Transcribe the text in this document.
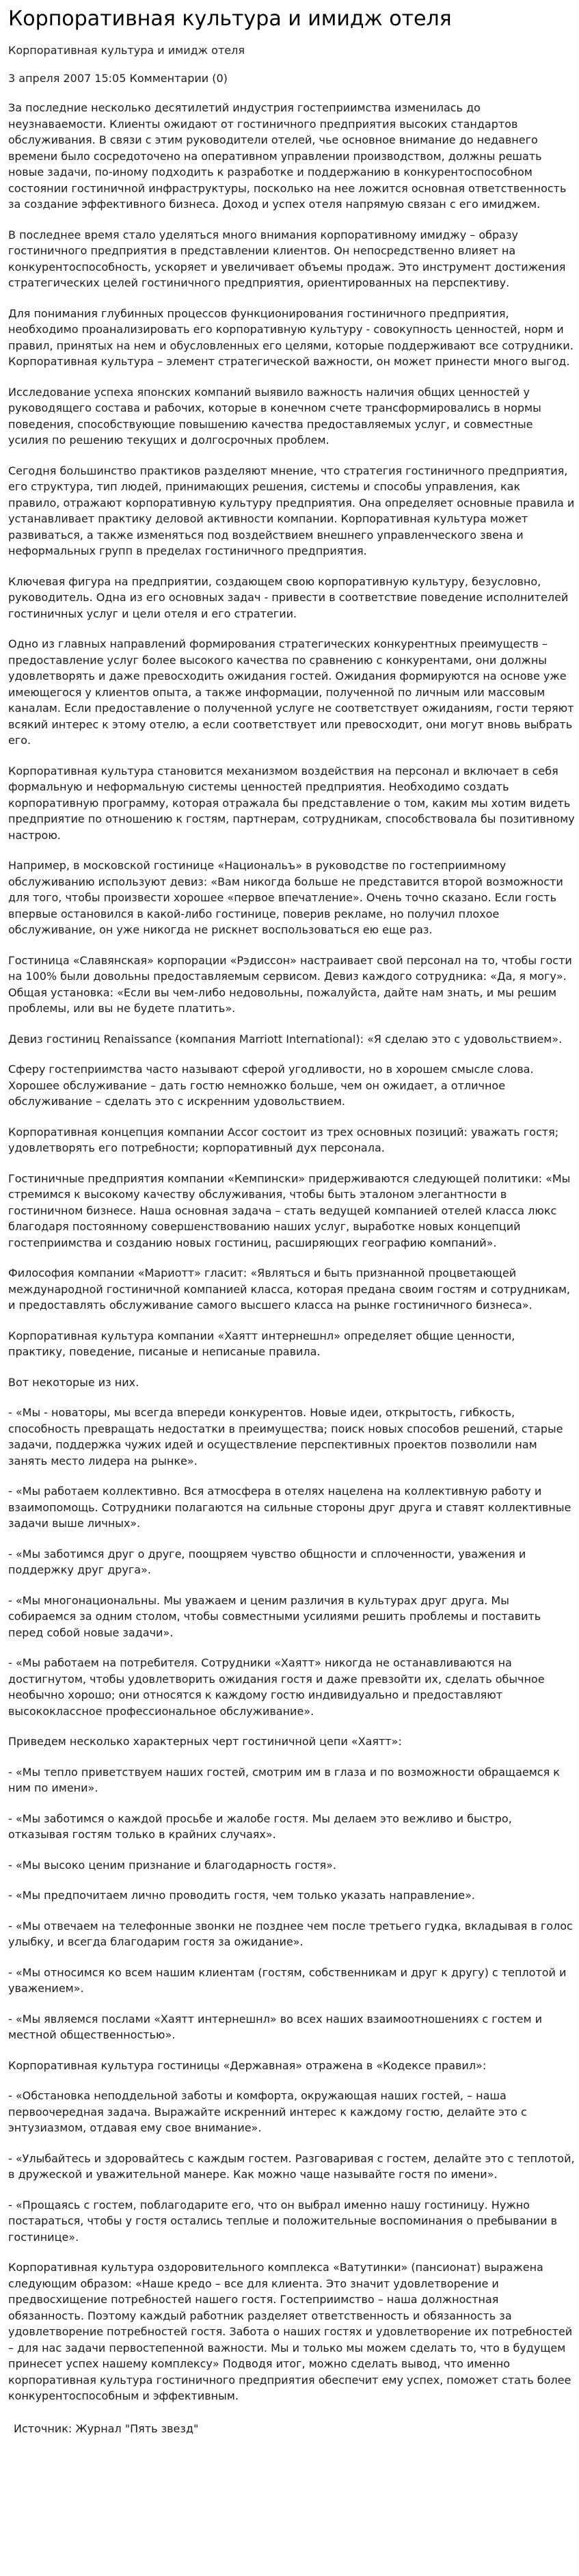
Корпоративная культура и имидж отеля
Корпоративная культура и имидж отеля
3 апреля 2007 15:05 Комментарии (0)
За последние несколько десятилетий индустрия гостеприимства изменилась до неузнаваемости. Клиенты ожидают от гостиничного предприятия высоких стандартов обслуживания. В связи с этим руководители отелей, чье основное внимание до недавнего времени было сосредоточено на оперативном управлении производством, должны решать новые задачи, по-иному подходить к разработке и поддержанию в конкурентоспособном состоянии гостиничной инфраструктуры, посколько на нее ложится основная ответственность за создание эффективного бизнеса. Доход и успех отеля напрямую связан с его имиджем.
В последнее время стало уделяться много внимания корпоративному имиджу – образу гостиничного предприятия в представлении клиентов. Он непосредственно влияет на конкурентоспособность, ускоряет и увеличивает объемы продаж. Это инструмент достижения стратегических целей гостиничного предприятия, ориентированных на перспективу.
Для понимания глубинных процессов функционирования гостиничного предприятия, необходимо проанализировать его корпоративную культуру - совокупность ценностей, норм и правил, принятых на нем и обусловленных его целями, которые поддерживают все сотрудники. Корпоративная культура – элемент стратегической важности, он может принести много выгод.
Исследование успеха японских компаний выявило важность наличия общих ценностей у руководящего состава и рабочих, которые в конечном счете трансформировались в нормы поведения, способствующие повышению качества предоставляемых услуг, и совместные усилия по решению текущих и долгосрочных проблем.
Сегодня большинство практиков разделяют мнение, что стратегия гостиничного предприятия, его структура, тип людей, принимающих решения, системы и способы управления, как правило, отражают корпоративную культуру предприятия. Она определяет основные правила и устанавливает практику деловой активности компании. Корпоративная культура может развиваться, а также изменяться под воздействием внешнего управленческого звена и неформальных групп в пределах гостиничного предприятия.
Ключевая фигура на предприятии, создающем свою корпоративную культуру, безусловно, руководитель. Одна из его основных задач - привести в соответствие поведение исполнителей гостиничных услуг и цели отеля и его стратегии.
Одно из главных направлений формирования стратегических конкурентных преимуществ – предоставление услуг более высокого качества по сравнению с конкурентами, они должны удовлетворять и даже превосходить ожидания гостей. Ожидания формируются на основе уже имеющегося у клиентов опыта, а также информации, полученной по личным или массовым каналам. Если предоставление о полученной услуге не соответствует ожиданиям, гости теряют всякий интерес к этому отелю, а если соответствует или превосходит, они могут вновь выбрать его.
Корпоративная культура становится механизмом воздействия на персонал и включает в себя формальную и неформальную системы ценностей предприятия. Необходимо создать корпоративную программу, которая отражала бы представление о том, каким мы хотим видеть предприятие по отношению к гостям, партнерам, сотрудникам, способствовала бы позитивному настрою.
Например, в московской гостинице «Национальъ» в руководстве по гостеприимному обслуживанию используют девиз: «Вам никогда больше не представится второй возможности для того, чтобы произвести хорошее «первое впечатление». Очень точно сказано. Если гость впервые остановился в какой-либо гостинице, поверив рекламе, но получил плохое обслуживание, он уже никогда не рискнет воспользоваться ею еще раз.
Гостиница «Славянская» корпорации «Рэдиссон» настраивает свой персонал на то, чтобы гости на 100% были довольны предоставляемым сервисом. Девиз каждого сотрудника: «Да, я могу». Общая установка: «Если вы чем-либо недовольны, пожалуйста, дайте нам знать, и мы решим проблемы, или вы не будете платить».
Девиз гостиниц Renaissance (компания Marriott International): «Я сделаю это с удовольствием».
Сферу гостеприимства часто называют сферой угодливости, но в хорошем смысле слова. Хорошее обслуживание – дать гостю немножко больше, чем он ожидает, а отличное обслуживание – сделать это с искренним удовольствием.
Корпоративная концепция компании Accor состоит из трех основных позиций: уважать гостя; удовлетворять его потребности; корпоративный дух персонала.
Гостиничные предприятия компании «Кемпински» придерживаются следующей политики: «Мы стремимся к высокому качеству обслуживания, чтобы быть эталоном элегантности в гостиничном бизнесе. Наша основная задача – стать ведущей компанией отелей класса люкс благодаря постоянному совершенствованию наших услуг, выработке новых концепций гостеприимства и созданию новых гостиниц, расширяющих географию компаний».
Философия компании «Мариотт» гласит: «Являться и быть признанной процветающей международной гостиничной компанией класса, которая предана своим гостям и сотрудникам, и предоставлять обслуживание самого высшего класса на рынке гостиничного бизнеса».
Корпоративная культура компании «Хаятт интернешнл» определяет общие ценности, практику, поведение, писаные и неписаные правила.
Вот некоторые из них.
- «Мы - новаторы, мы всегда впереди конкурентов. Новые идеи, открытость, гибкость, способность превращать недостатки в преимущества; поиск новых способов решений, старые задачи, поддержка чужих идей и осуществление перспективных проектов позволили нам занять место лидера на рынке».
- «Мы работаем коллективно. Вся атмосфера в отелях нацелена на коллективную работу и взаимопомощь. Сотрудники полагаются на сильные стороны друг друга и ставят коллективные задачи выше личных».
- «Мы заботимся друг о друге, поощряем чувство общности и сплоченности, уважения и поддержку друг друга».
- «Мы многонациональны. Мы уважаем и ценим различия в культурах друг друга. Мы собираемся за одним столом, чтобы совместными усилиями решить проблемы и поставить перед собой новые задачи».
- «Мы работаем на потребителя. Сотрудники «Хаятт» никогда не останавливаются на достигнутом, чтобы удовлетворить ожидания гостя и даже превзойти их, сделать обычное необычно хорошо; они относятся к каждому гостю индивидуально и предоставляют высококлассное профессиональное обслуживание».
Приведем несколько характерных черт гостиничной цепи «Хаятт»:
- «Мы тепло приветствуем наших гостей, смотрим им в глаза и по возможности обращаемся к ним по имени».
- «Мы заботимся о каждой просьбе и жалобе гостя. Мы делаем это вежливо и быстро, отказывая гостям только в крайних случаях».
- «Мы высоко ценим признание и благодарность гостя».
- «Мы предпочитаем лично проводить гостя, чем только указать направление».
- «Мы отвечаем на телефонные звонки не позднее чем после третьего гудка, вкладывая в голос улыбку, и всегда благодарим гостя за ожидание».
- «Мы относимся ко всем нашим клиентам (гостям, собственникам и друг к другу) с теплотой и уважением».
- «Мы являемся послами «Хаятт интернешнл» во всех наших взаимоотношениях с гостем и местной общественностью».
Корпоративная культура гостиницы «Державная» отражена в «Кодексе правил»:
- «Обстановка неподдельной заботы и комфорта, окружающая наших гостей, – наша первоочередная задача. Выражайте искренний интерес к каждому гостю, делайте это с энтузиазмом, отдавая ему свое внимание».
- «Улыбайтесь и здоровайтесь с каждым гостем. Разговаривая с гостем, делайте это с теплотой, в дружеской и уважительной манере. Как можно чаще называйте гостя по имени».
- «Прощаясь с гостем, поблагодарите его, что он выбрал именно нашу гостиницу. Нужно постараться, чтобы у гостя остались теплые и положительные воспоминания о пребывании в гостинице».
Корпоративная культура оздоровительного комплекса «Ватутинки» (пансионат) выражена следующим образом: «Наше кредо – все для клиента. Это значит удовлетворение и предвосхищение потребностей нашего гостя. Гостеприимство – наша должностная обязанность. Поэтому каждый работник разделяет ответственность и обязанность за удовлетворение потребностей гостя. Забота о наших гостях и удовлетворение их потребностей – для нас задачи первостепенной важности. Мы и только мы можем сделать то, что в будущем принесет успех нашему комплексу» Подводя итог, можно сделать вывод, что именно корпоративная культура гостиничного предприятия обеспечит ему успех, поможет стать более конкурентоспособным и эффективным.
Источник: Журнал "Пять звезд"
